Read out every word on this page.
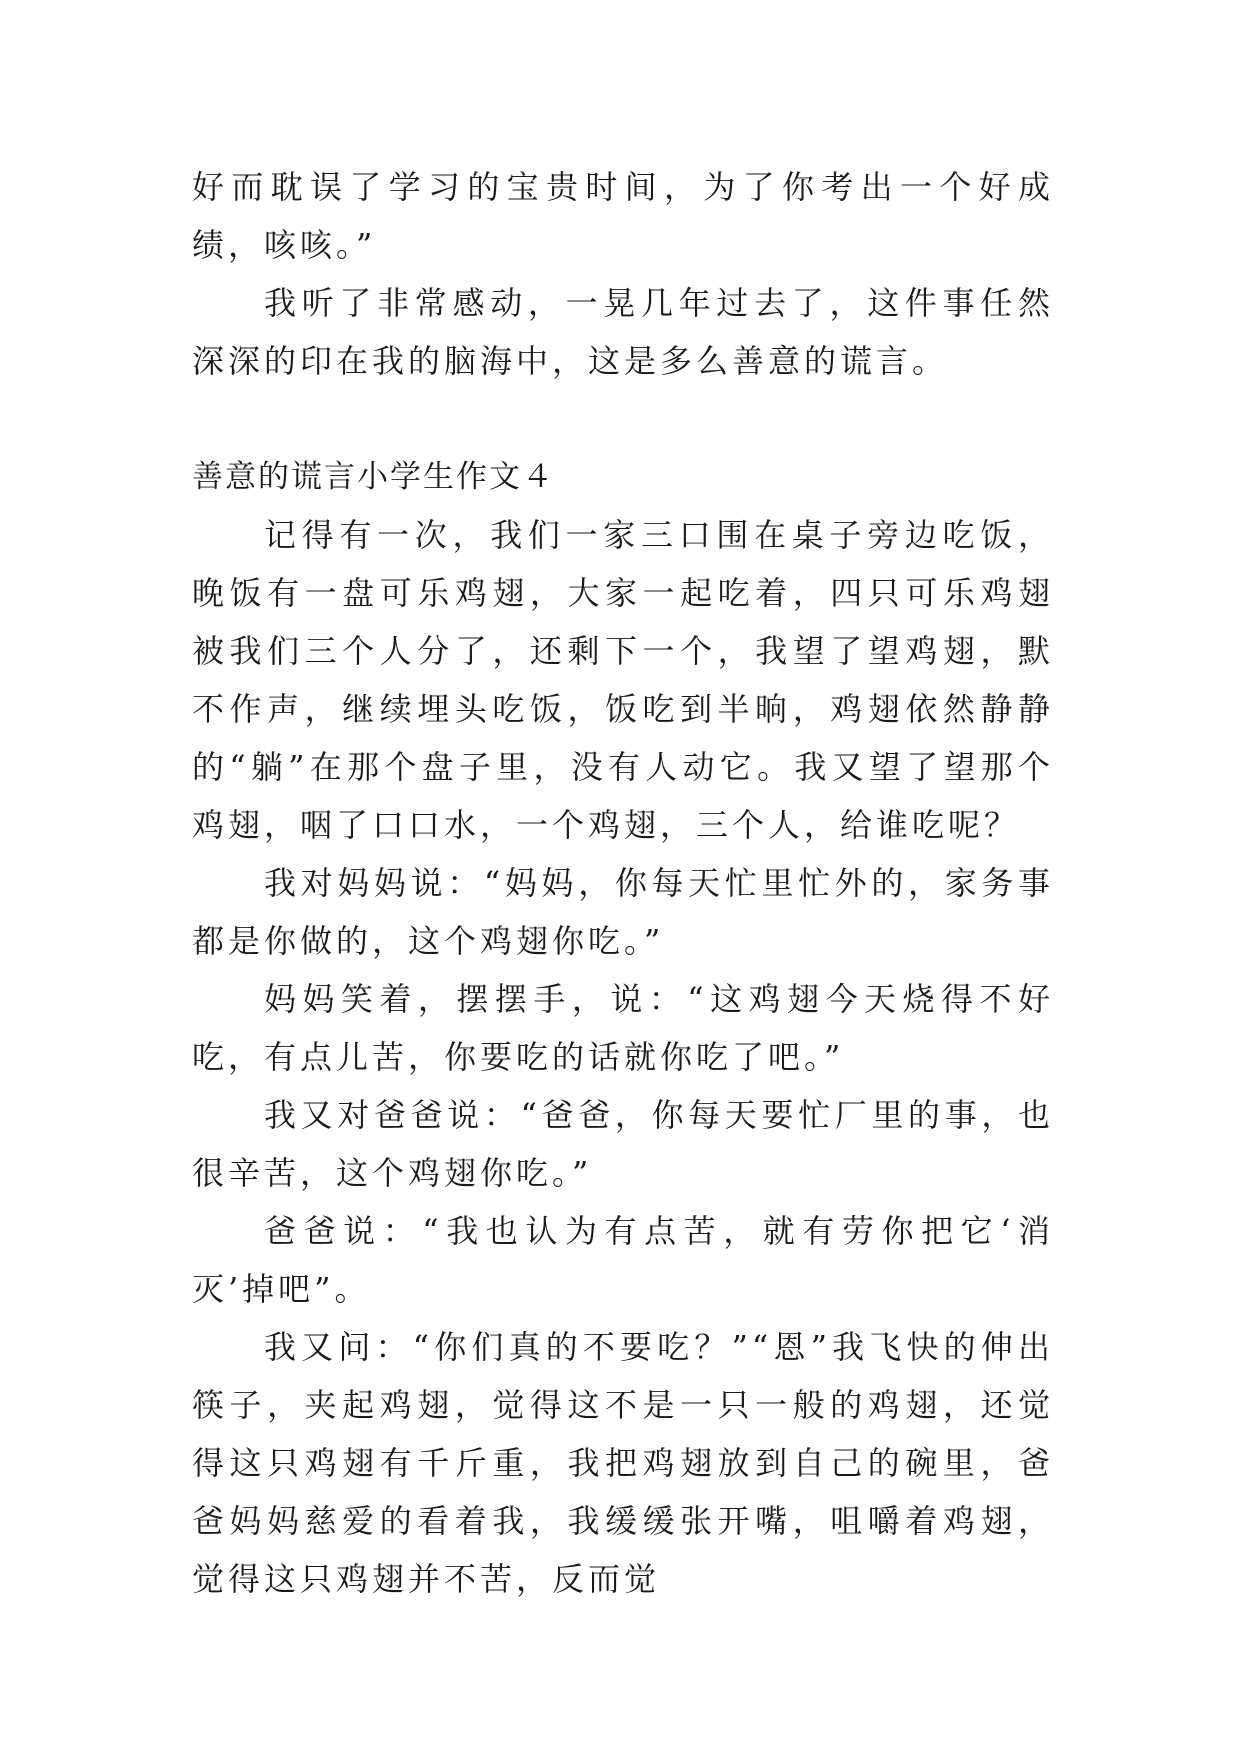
好而耽误了学习的宝贵时间，为了你考出一个好成绩，咳咳。”

我听了非常感动，一晃几年过去了，这件事任然深深的印在我的脑海中，这是多么善意的谎言。

善意的谎言小学生作文４

记得有一次，我们一家三口围在桌子旁边吃饭，晚饭有一盘可乐鸡翅，大家一起吃着，四只可乐鸡翅被我们三个人分了，还剩下一个，我望了望鸡翅，默不作声，继续埋头吃饭，饭吃到半晌，鸡翅依然静静的“躺”在那个盘子里，没有人动它。我又望了望那个鸡翅，咽了口口水，一个鸡翅，三个人，给谁吃呢？

我对妈妈说：“妈妈，你每天忙里忙外的，家务事都是你做的，这个鸡翅你吃。”

妈妈笑着，摆摆手，说：“这鸡翅今天烧得不好吃，有点儿苦，你要吃的话就你吃了吧。”

我又对爸爸说：“爸爸，你每天要忙厂里的事，也很辛苦，这个鸡翅你吃。”

爸爸说：“我也认为有点苦，就有劳你把它‘消灭’掉吧”。

我又问：“你们真的不要吃？”“恩”我飞快的伸出筷子，夹起鸡翅，觉得这不是一只一般的鸡翅，还觉得这只鸡翅有千斤重，我把鸡翅放到自己的碗里，爸爸妈妈慈爱的看着我，我缓缓张开嘴，咀嚼着鸡翅，觉得这只鸡翅并不苦，反而觉
